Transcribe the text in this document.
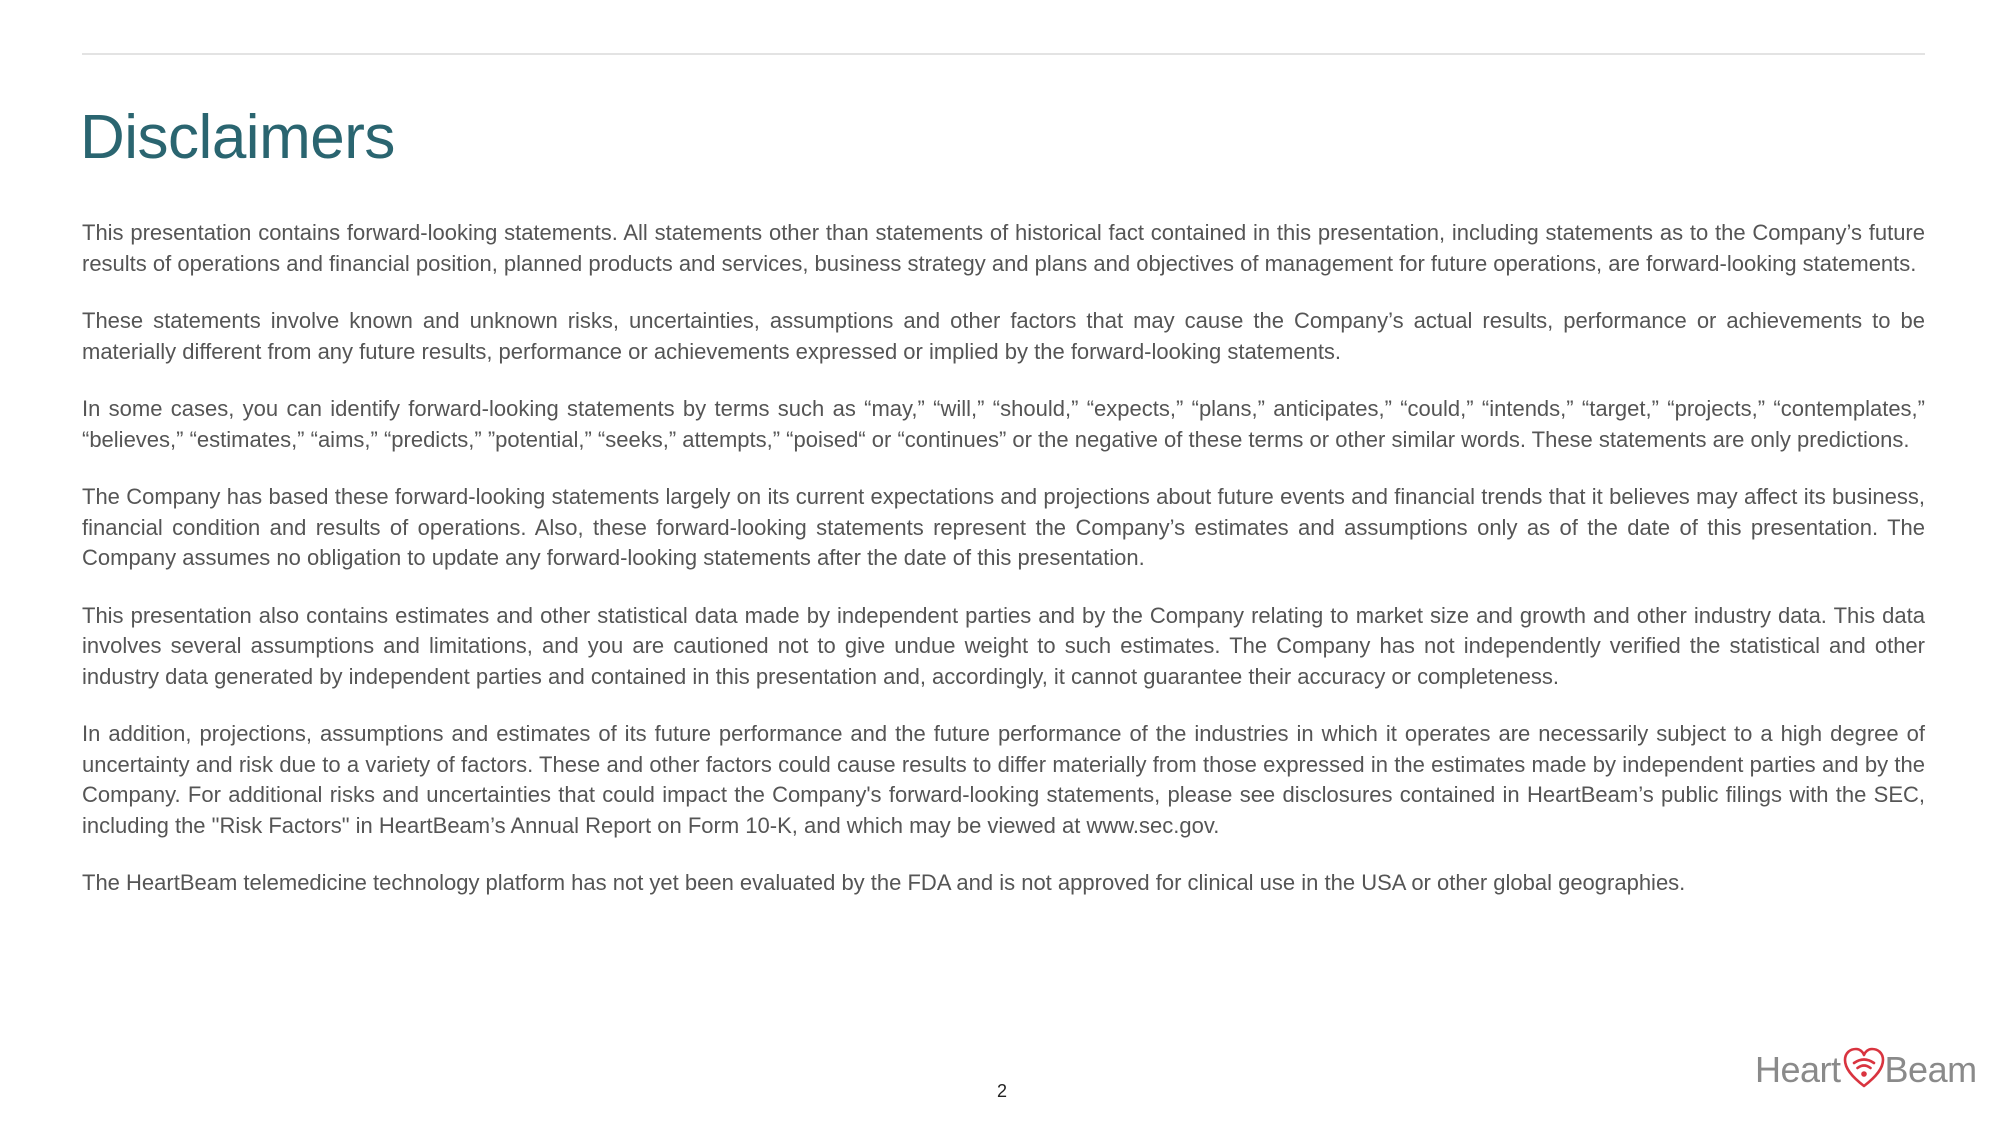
Disclaimers

This presentation contains forward-looking statements. All statements other than statements of historical fact contained in this presentation, including statements as to the Company’s future results of operations and financial position, planned products and services, business strategy and plans and objectives of management for future operations, are forward-looking statements.

These statements involve known and unknown risks, uncertainties, assumptions and other factors that may cause the Company’s actual results, performance or achievements to be materially different from any future results, performance or achievements expressed or implied by the forward-looking statements.

In some cases, you can identify forward-looking statements by terms such as “may,” “will,” “should,” “expects,” “plans,” anticipates,” “could,” “intends,” “target,” “projects,” “contemplates,” “believes,” “estimates,” “aims,” “predicts,” ”potential,” “seeks,” attempts,” “poised“ or “continues” or the negative of these terms or other similar words. These statements are only predictions.

The Company has based these forward-looking statements largely on its current expectations and projections about future events and financial trends that it believes may affect its business, financial condition and results of operations. Also, these forward-looking statements represent the Company’s estimates and assumptions only as of the date of this presentation. The Company assumes no obligation to update any forward-looking statements after the date of this presentation.

This presentation also contains estimates and other statistical data made by independent parties and by the Company relating to market size and growth and other industry data. This data involves several assumptions and limitations, and you are cautioned not to give undue weight to such estimates. The Company has not independently verified the statistical and other industry data generated by independent parties and contained in this presentation and, accordingly, it cannot guarantee their accuracy or completeness.

In addition, projections, assumptions and estimates of its future performance and the future performance of the industries in which it operates are necessarily subject to a high degree of uncertainty and risk due to a variety of factors. These and other factors could cause results to differ materially from those expressed in the estimates made by independent parties and by the Company. For additional risks and uncertainties that could impact the Company's forward-looking statements, please see disclosures contained in HeartBeam’s public filings with the SEC, including the "Risk Factors" in HeartBeam’s Annual Report on Form 10-K, and which may be viewed at www.sec.gov.

The HeartBeam telemedicine technology platform has not yet been evaluated by the FDA and is not approved for clinical use in the USA or other global geographies.

2
Heart Beam
